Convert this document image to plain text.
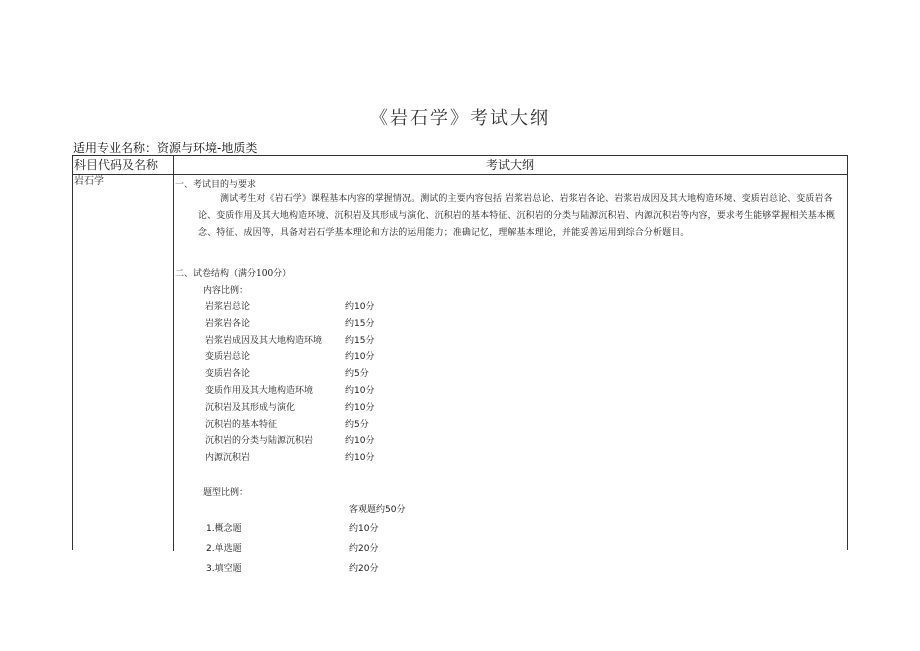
《岩石学》考试大纲
适用专业名称：资源与环境-地质类
科目代码及名称	考试大纲
岩石学	一、考试目的与要求
测试考生对《岩石学》课程基本内容的掌握情况。测试的主要内容包括 岩浆岩总论、岩浆岩各论、岩浆岩成因及其大地构造环境、变质岩总论、变质岩各论、变质作用及其大地构造环境、沉积岩及其形成与演化、沉积岩的基本特征、沉积岩的分类与陆源沉积岩、内源沉积岩等内容，要求考生能够掌握相关基本概念、特征、成因等，具备对岩石学基本理论和方法的运用能力；准确记忆，理解基本理论，并能妥善运用到综合分析题目。
二、试卷结构（满分100分）
内容比例：
岩浆岩总论	约10分
岩浆岩各论	约15分
岩浆岩成因及其大地构造环境	约15分
变质岩总论	约10分
变质岩各论	约5分
变质作用及其大地构造环境	约10分
沉积岩及其形成与演化	约10分
沉积岩的基本特征	约5分
沉积岩的分类与陆源沉积岩	约10分
内源沉积岩	约10分
题型比例：
客观题约50分
1.概念题	约10分
2.单选题	约20分
3.填空题	约20分
